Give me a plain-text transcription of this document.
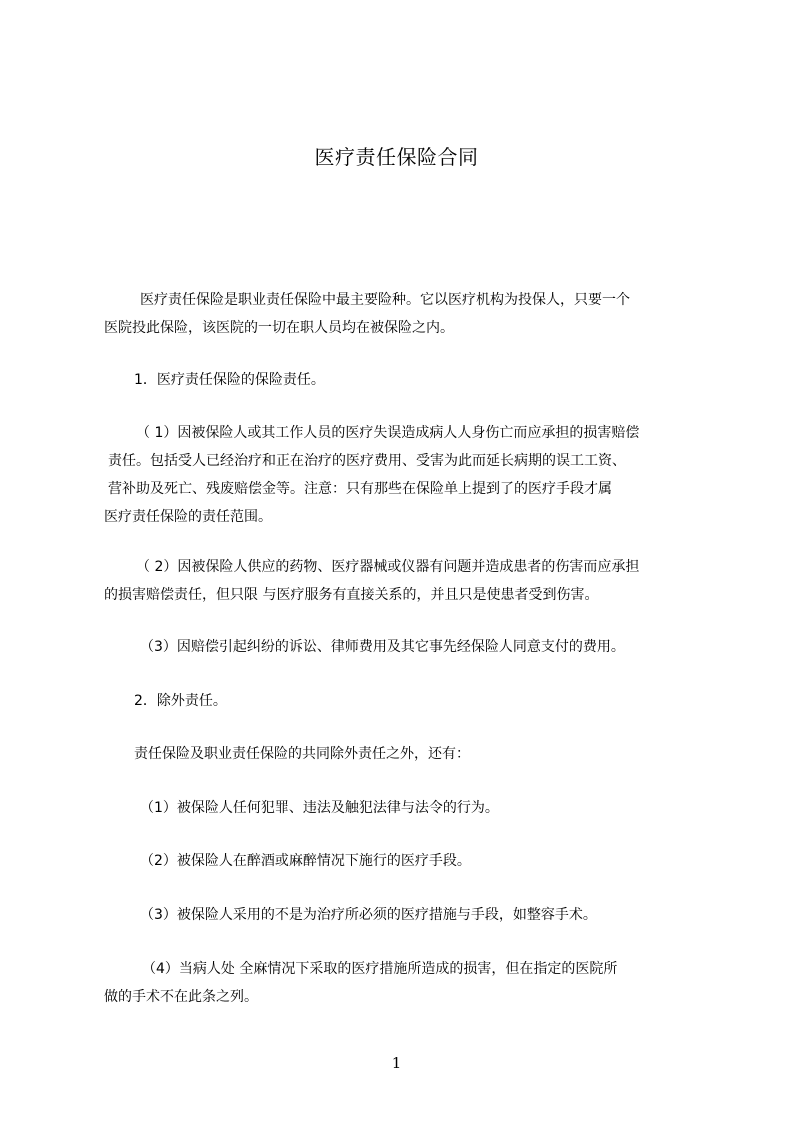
医疗责任保险合同
医疗责任保险是职业责任保险中最主要险种。它以医疗机构为投保人，只要一个
医院投此保险，该医院的一切在职人员均在被保险之内。
1．医疗责任保险的保险责任。
（ 1）因被保险人或其工作人员的医疗失误造成病人人身伤亡而应承担的损害赔偿
责任。包括受人已经治疗和正在治疗的医疗费用、受害为此而延长病期的误工工资、
营补助及死亡、残废赔偿金等。注意：只有那些在保险单上提到了的医疗手段才属
医疗责任保险的责任范围。
（ 2）因被保险人供应的药物、医疗器械或仪器有问题并造成患者的伤害而应承担
的损害赔偿责任，但只限 与医疗服务有直接关系的，并且只是使患者受到伤害。
（3）因赔偿引起纠纷的诉讼、律师费用及其它事先经保险人同意支付的费用。
2．除外责任。
责任保险及职业责任保险的共同除外责任之外，还有：
（1）被保险人任何犯罪、违法及触犯法律与法令的行为。
（2）被保险人在醉酒或麻醉情况下施行的医疗手段。
（3）被保险人采用的不是为治疗所必须的医疗措施与手段，如整容手术。
（4）当病人处 全麻情况下采取的医疗措施所造成的损害，但在指定的医院所
做的手术不在此条之列。
1
